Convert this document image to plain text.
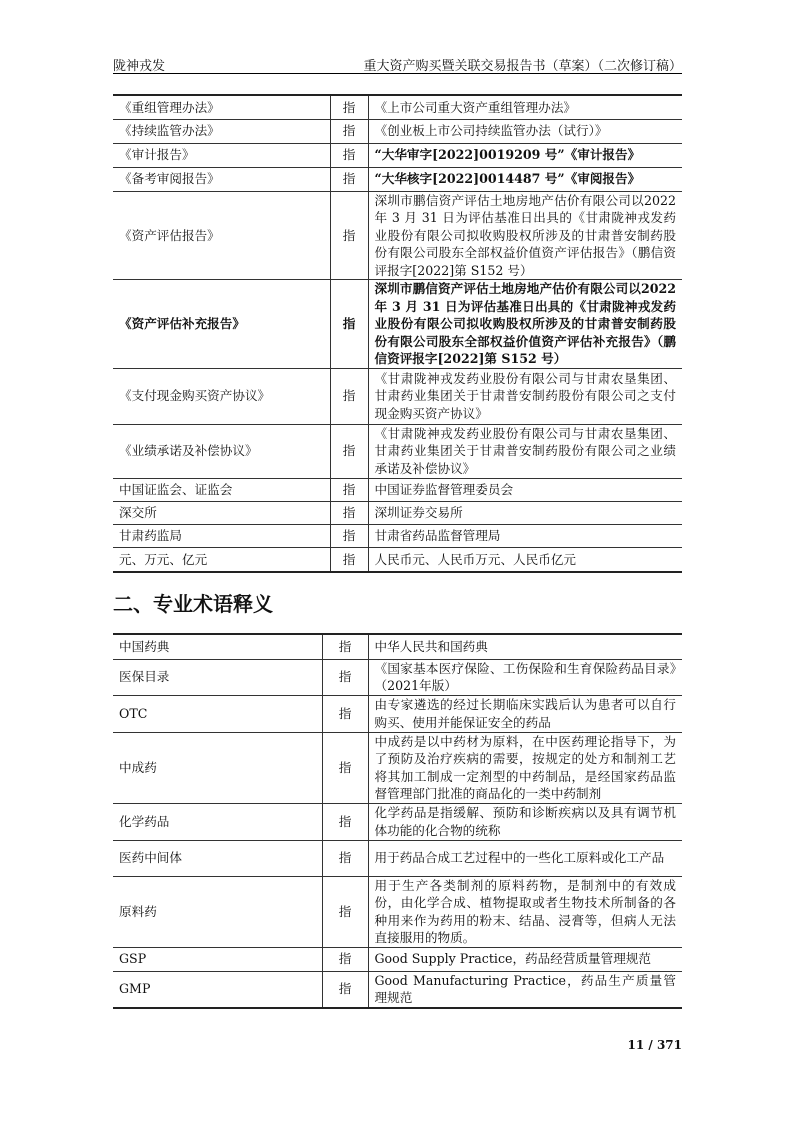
陇神戎发	重大资产购买暨关联交易报告书（草案）（二次修订稿）
《重组管理办法》	指	《上市公司重大资产重组管理办法》
《持续监管办法》	指	《创业板上市公司持续监管办法（试行）》
《审计报告》	指	“大华审字[2022]0019209 号”《审计报告》
《备考审阅报告》	指	“大华核字[2022]0014487 号”《审阅报告》
《资产评估报告》	指	深圳市鹏信资产评估土地房地产估价有限公司以2022 年 3 月 31 日为评估基准日出具的《甘肃陇神戎发药业股份有限公司拟收购股权所涉及的甘肃普安制药股份有限公司股东全部权益价值资产评估报告》（鹏信资评报字[2022]第 S152 号）
《资产评估补充报告》	指	深圳市鹏信资产评估土地房地产估价有限公司以2022 年 3 月 31 日为评估基准日出具的《甘肃陇神戎发药业股份有限公司拟收购股权所涉及的甘肃普安制药股份有限公司股东全部权益价值资产评估补充报告》（鹏信资评报字[2022]第 S152 号）
《支付现金购买资产协议》	指	《甘肃陇神戎发药业股份有限公司与甘肃农垦集团、甘肃药业集团关于甘肃普安制药股份有限公司之支付现金购买资产协议》
《业绩承诺及补偿协议》	指	《甘肃陇神戎发药业股份有限公司与甘肃农垦集团、甘肃药业集团关于甘肃普安制药股份有限公司之业绩承诺及补偿协议》
中国证监会、证监会	指	中国证券监督管理委员会
深交所	指	深圳证券交易所
甘肃药监局	指	甘肃省药品监督管理局
元、万元、亿元	指	人民币元、人民币万元、人民币亿元
二、专业术语释义
中国药典	指	中华人民共和国药典
医保目录	指	《国家基本医疗保险、工伤保险和生育保险药品目录》（2021年版）
OTC	指	由专家遴选的经过长期临床实践后认为患者可以自行购买、使用并能保证安全的药品
中成药	指	中成药是以中药材为原料，在中医药理论指导下，为了预防及治疗疾病的需要，按规定的处方和制剂工艺将其加工制成一定剂型的中药制品，是经国家药品监督管理部门批准的商品化的一类中药制剂
化学药品	指	化学药品是指缓解、预防和诊断疾病以及具有调节机体功能的化合物的统称
医药中间体	指	用于药品合成工艺过程中的一些化工原料或化工产品
原料药	指	用于生产各类制剂的原料药物，是制剂中的有效成份，由化学合成、植物提取或者生物技术所制备的各种用来作为药用的粉末、结晶、浸膏等，但病人无法直接服用的物质。
GSP	指	Good Supply Practice，药品经营质量管理规范
GMP	指	Good Manufacturing Practice，药品生产质量管理规范
11 / 371
